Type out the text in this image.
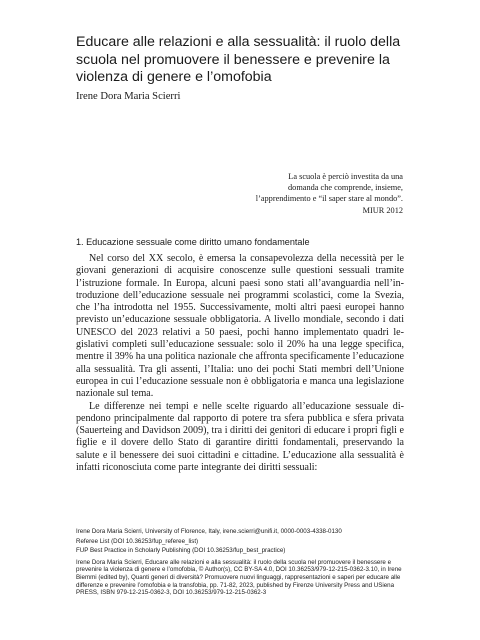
Educare alle relazioni e alla sessualità: il ruolo della scuola nel promuovere il benessere e prevenire la violenza di genere e l’omofobia
Irene Dora Maria Scierri
La scuola è perciò investita da una
domanda che comprende, insieme,
l’apprendimento e “il saper stare al mondo”.
MIUR 2012
1. Educazione sessuale come diritto umano fondamentale

Nel corso del XX secolo, è emersa la consapevolezza della necessità per le giovani generazioni di acquisire conoscenze sulle questioni sessuali tramite l’istruzione formale. In Europa, alcuni paesi sono stati all’avanguardia nell’introduzione dell’educazione sessuale nei programmi scolastici, come la Svezia, che l’ha introdotta nel 1955. Successivamente, molti altri paesi europei hanno previsto un’educazione sessuale obbligatoria. A livello mondiale, secondo i dati UNESCO del 2023 relativi a 50 paesi, pochi hanno implementato quadri legislativi completi sull’educazione sessuale: solo il 20% ha una legge specifica, mentre il 39% ha una politica nazionale che affronta specificamente l’educazione alla sessualità. Tra gli assenti, l’Italia: uno dei pochi Stati membri dell’Unione europea in cui l’educazione sessuale non è obbligatoria e manca una legislazione nazionale sul tema.

Le differenze nei tempi e nelle scelte riguardo all’educazione sessuale dipendono principalmente dal rapporto di potere tra sfera pubblica e sfera privata (Sauerteing and Davidson 2009), tra i diritti dei genitori di educare i propri figli e figlie e il dovere dello Stato di garantire diritti fondamentali, preservando la salute e il benessere dei suoi cittadini e cittadine. L’educazione alla sessualità è infatti riconosciuta come parte integrante dei diritti sessuali:

Irene Dora Maria Scierri, University of Florence, Italy, irene.scierri@unifi.it, 0000-0003-4338-0130

Referee List (DOI 10.36253/fup_referee_list)

FUP Best Practice in Scholarly Publishing (DOI 10.36253/fup_best_practice)

Irene Dora Maria Scierri, Educare alle relazioni e alla sessualità: il ruolo della scuola nel promuovere il benessere e prevenire la violenza di genere e l’omofobia, © Author(s), CC BY-SA 4.0, DOI 10.36253/979-12-215-0362-3.10, in Irene Biemmi (edited by), Quanti generi di diversità? Promuovere nuovi linguaggi, rappresentazioni e saperi per educare alle differenze e prevenire l’omofobia e la transfobia, pp. 71-82, 2023, published by Firenze University Press and USiena PRESS, ISBN 979-12-215-0362-3, DOI 10.36253/979-12-215-0362-3
